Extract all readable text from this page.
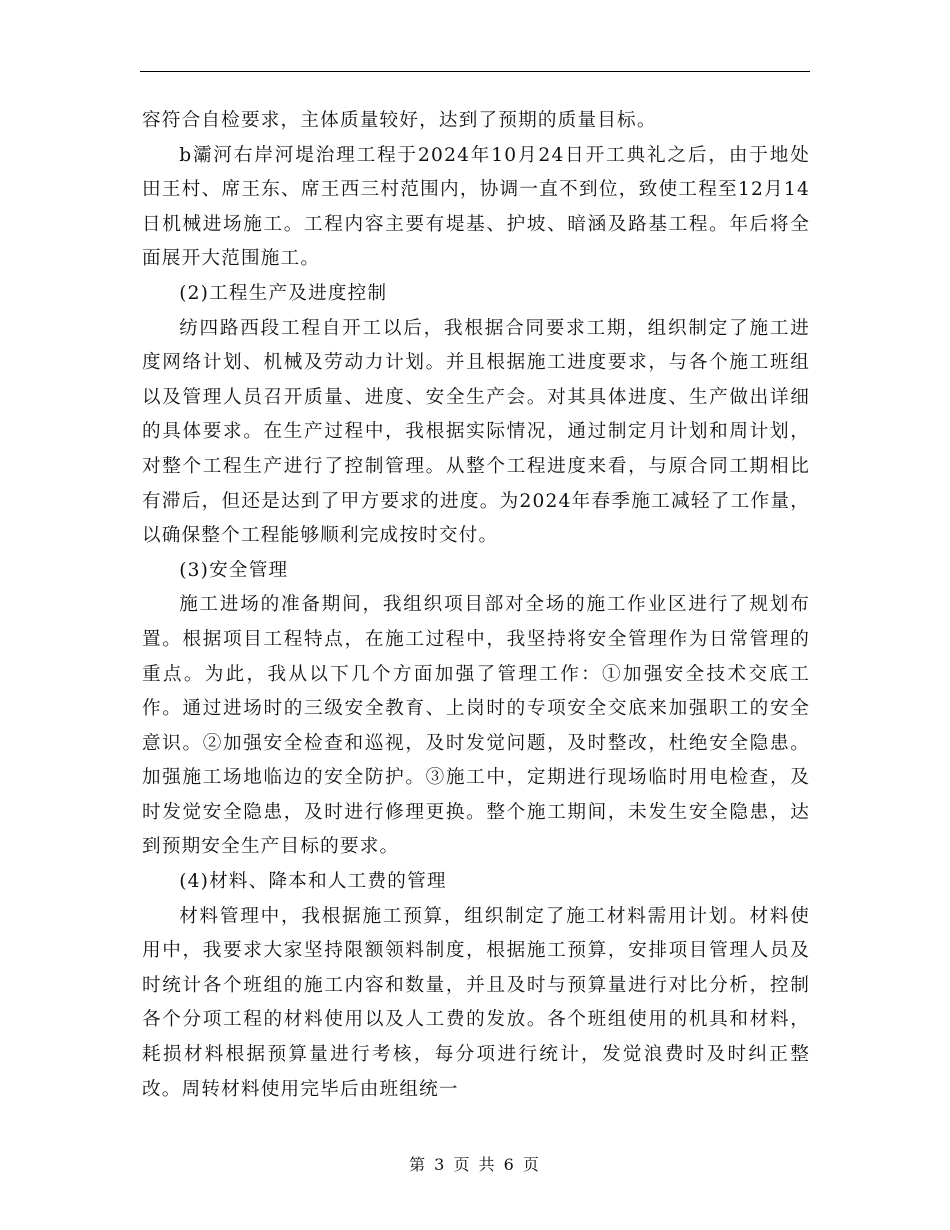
容符合自检要求，主体质量较好，达到了预期的质量目标。

b灞河右岸河堤治理工程于2024年10月24日开工典礼之后，由于地处田王村、席王东、席王西三村范围内，协调一直不到位，致使工程至12月14日机械进场施工。工程内容主要有堤基、护坡、暗涵及路基工程。年后将全面展开大范围施工。

(2)工程生产及进度控制

纺四路西段工程自开工以后，我根据合同要求工期，组织制定了施工进度网络计划、机械及劳动力计划。并且根据施工进度要求，与各个施工班组以及管理人员召开质量、进度、安全生产会。对其具体进度、生产做出详细的具体要求。在生产过程中，我根据实际情况，通过制定月计划和周计划，对整个工程生产进行了控制管理。从整个工程进度来看，与原合同工期相比有滞后，但还是达到了甲方要求的进度。为2024年春季施工减轻了工作量，以确保整个工程能够顺利完成按时交付。

(3)安全管理

施工进场的准备期间，我组织项目部对全场的施工作业区进行了规划布置。根据项目工程特点，在施工过程中，我坚持将安全管理作为日常管理的重点。为此，我从以下几个方面加强了管理工作：①加强安全技术交底工作。通过进场时的三级安全教育、上岗时的专项安全交底来加强职工的安全意识。②加强安全检查和巡视，及时发觉问题，及时整改，杜绝安全隐患。加强施工场地临边的安全防护。③施工中，定期进行现场临时用电检查，及时发觉安全隐患，及时进行修理更换。整个施工期间，未发生安全隐患，达到预期安全生产目标的要求。

(4)材料、降本和人工费的管理

材料管理中，我根据施工预算，组织制定了施工材料需用计划。材料使用中，我要求大家坚持限额领料制度，根据施工预算，安排项目管理人员及时统计各个班组的施工内容和数量，并且及时与预算量进行对比分析，控制各个分项工程的材料使用以及人工费的发放。各个班组使用的机具和材料，耗损材料根据预算量进行考核，每分项进行统计，发觉浪费时及时纠正整改。周转材料使用完毕后由班组统一

第 3 页 共 6 页
